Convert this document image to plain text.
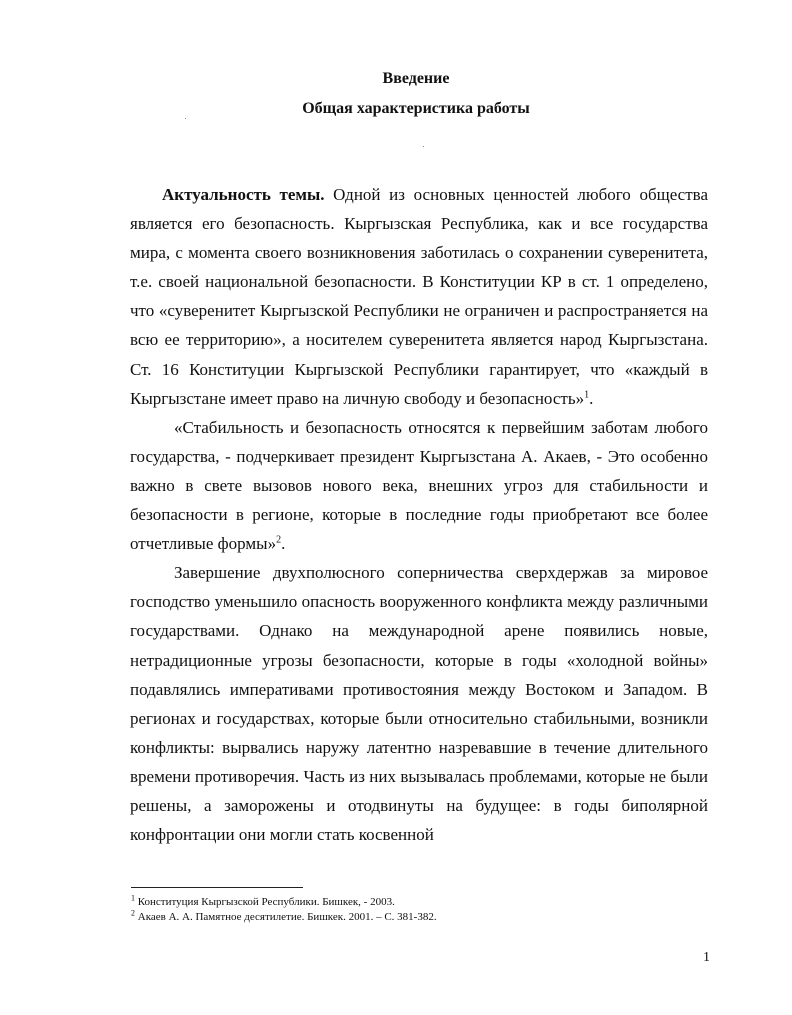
Введение
Общая характеристика работы

Актуальность темы. Одной из основных ценностей любого общества является его безопасность. Кыргызская Республика, как и все государства мира, с момента своего возникновения заботилась о сохранении суверенитета, т.е. своей национальной безопасности. В Конституции КР в ст. 1 определено, что «суверенитет Кыргызской Республики не ограничен и распространяется на всю ее территорию», а носителем суверенитета является народ Кыргызстана. Ст. 16 Конституции Кыргызской Республики гарантирует, что «каждый в Кыргызстане имеет право на личную свободу и безопасность»$^1$.

«Стабильность и безопасность относятся к первейшим заботам любого государства, - подчеркивает президент Кыргызстана А. Акаев, - Это особенно важно в свете вызовов нового века, внешних угроз для стабильности и безопасности в регионе, которые в последние годы приобретают все более отчетливые формы»$^2$.

Завершение двухполюсного соперничества сверхдержав за мировое господство уменьшило опасность вооруженного конфликта между различными государствами. Однако на международной арене появились новые, нетрадиционные угрозы безопасности, которые в годы «холодной войны» подавлялись императивами противостояния между Востоком и Западом. В регионах и государствах, которые были относительно стабильными, возникли конфликты: вырвались наружу латентно назревавшие в течение длительного времени противоречия. Часть из них вызывалась проблемами, которые не были решены, а заморожены и отодвинуты на будущее: в годы биполярной конфронтации они могли стать косвенной

$^1$ Конституция Кыргызской Республики. Бишкек, - 2003.
$^2$ Акаев А. А. Памятное десятилетие. Бишкек. 2001. – С. 381-382.
1
